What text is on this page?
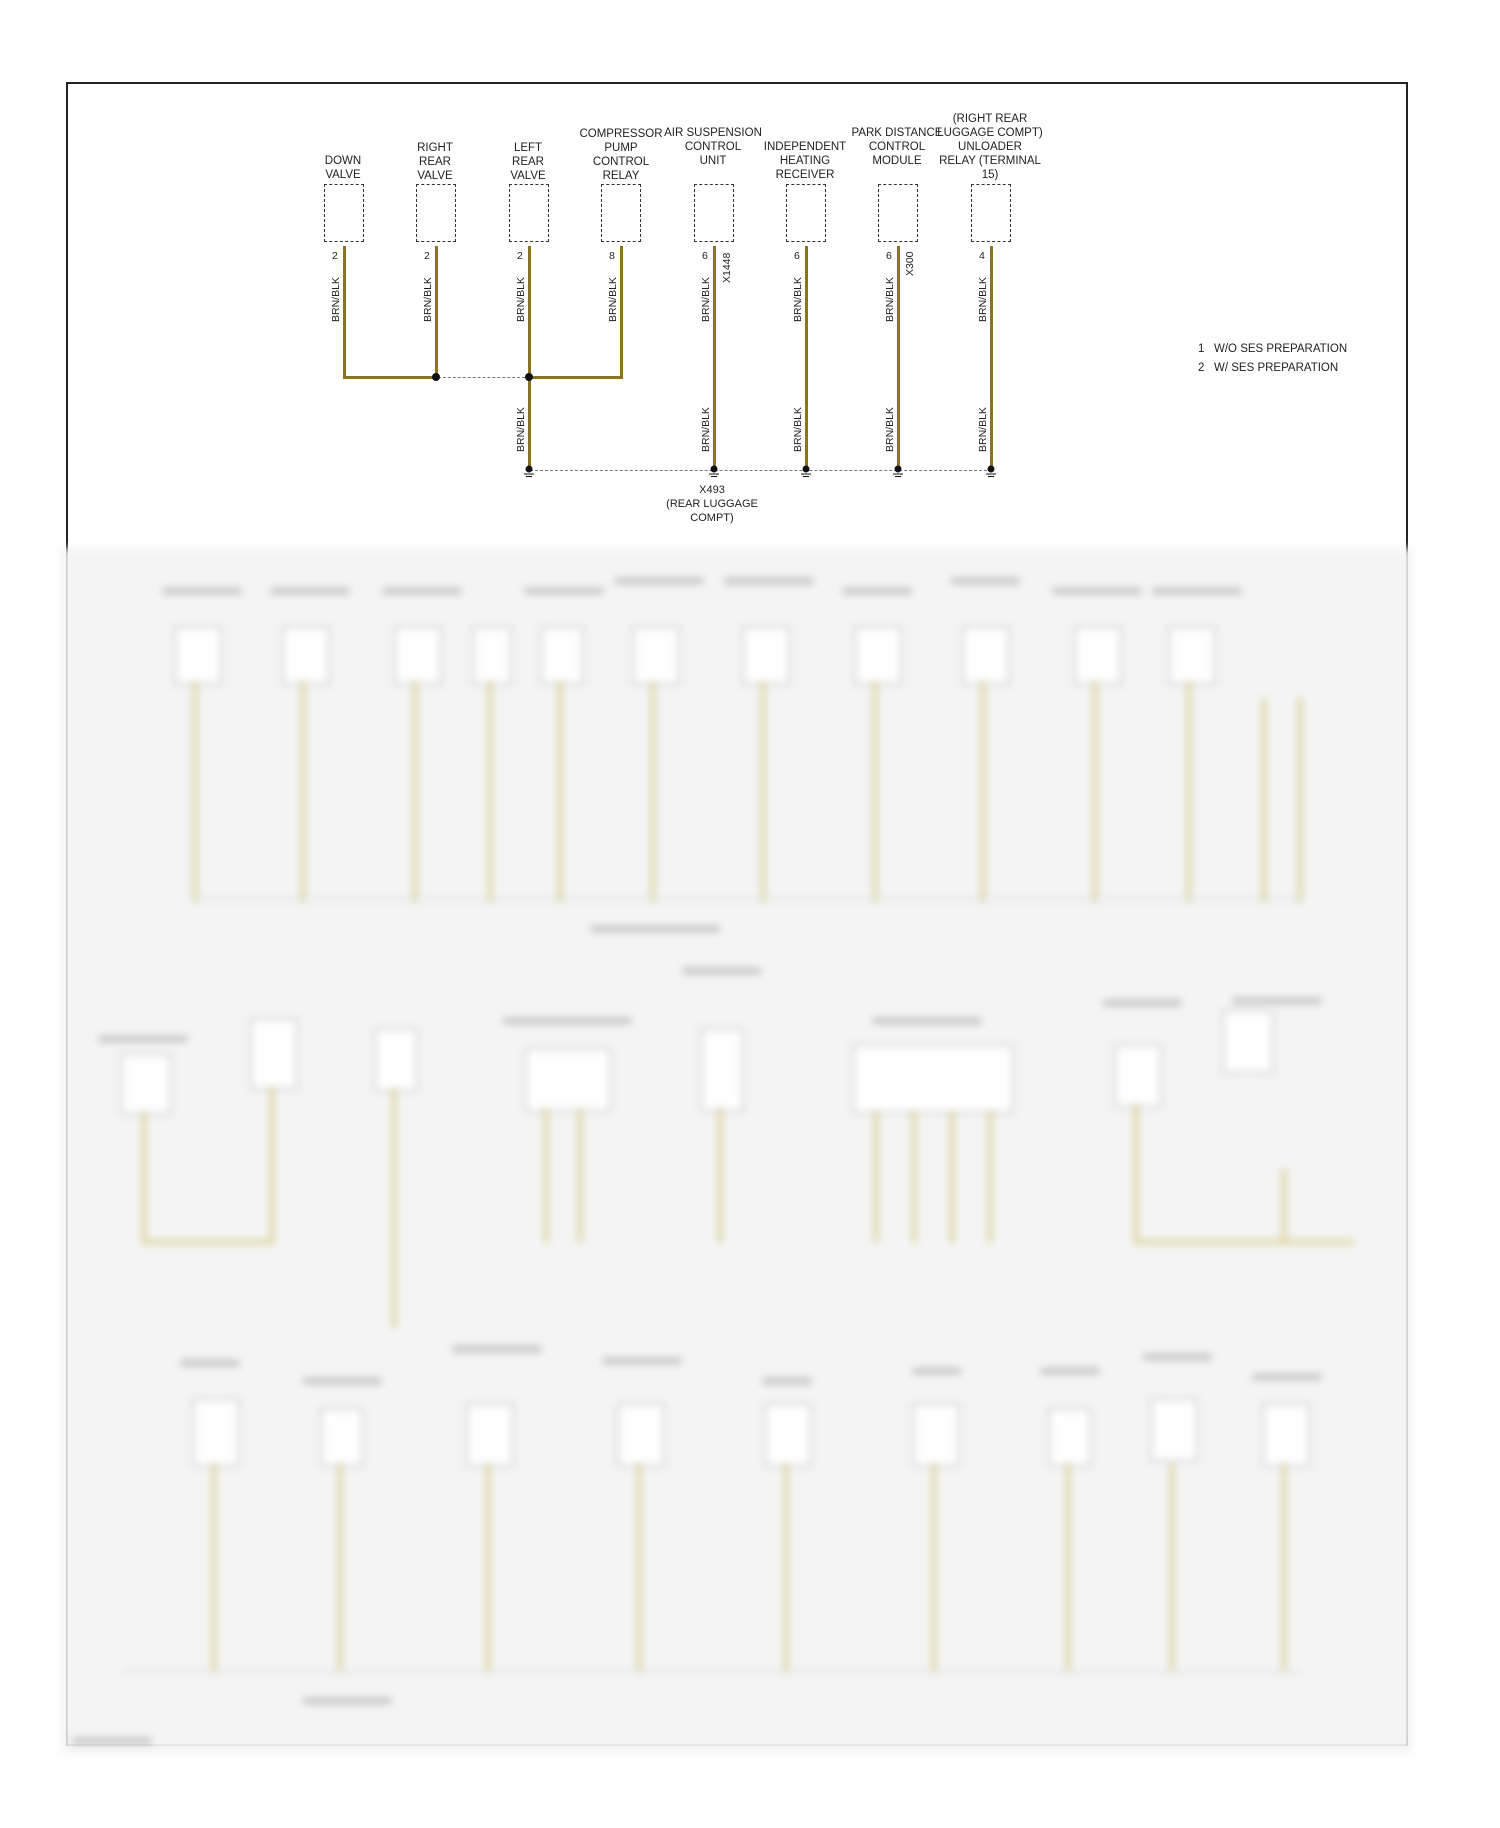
DOWN
VALVE
RIGHT
REAR
VALVE
LEFT
REAR
VALVE
COMPRESSOR
PUMP
CONTROL
RELAY
AIR SUSPENSION
CONTROL
UNIT
INDEPENDENT
HEATING
RECEIVER
PARK DISTANCE
CONTROL
MODULE
(RIGHT REAR
LUGGAGE COMPT)
UNLOADER
RELAY (TERMINAL
15)
2	2	2	8	6	6	6	4
X1448	X300
BRN/BLK	BRN/BLK	BRN/BLK	BRN/BLK	BRN/BLK	BRN/BLK	BRN/BLK	BRN/BLK
BRN/BLK	BRN/BLK	BRN/BLK	BRN/BLK	BRN/BLK
X493
(REAR LUGGAGE
COMPT)
1 W/O SES PREPARATION
2 W/ SES PREPARATION
